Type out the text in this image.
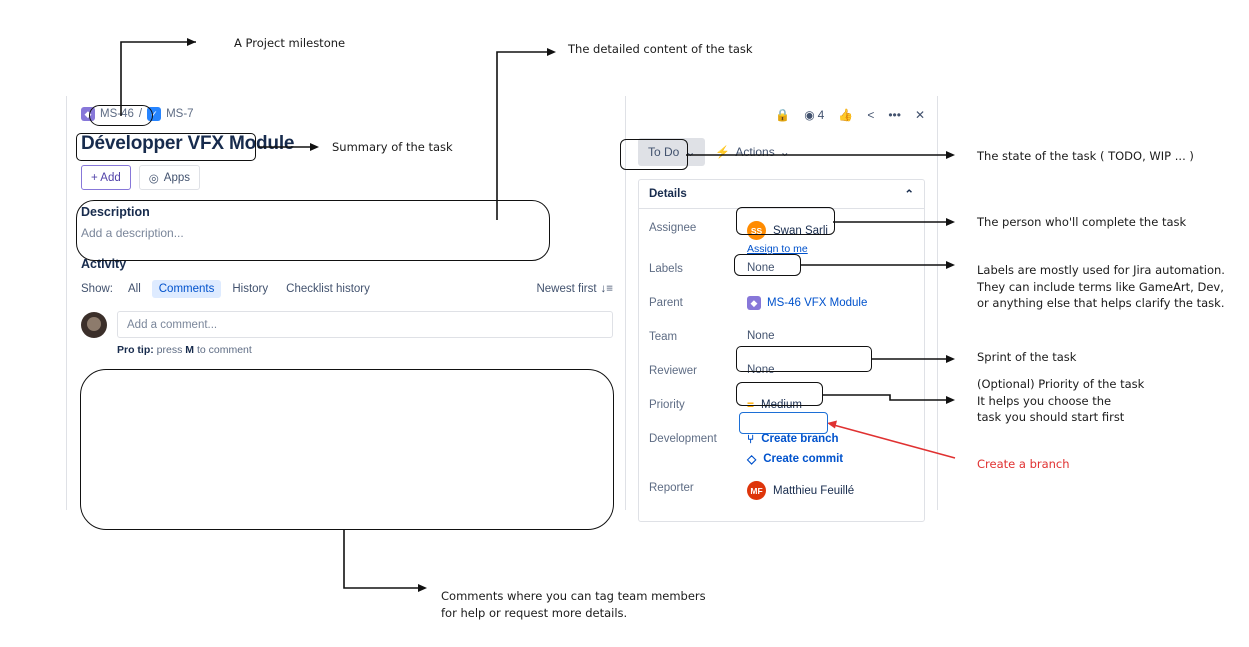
◆ MS-46 / ✓ MS-7
Développer VFX Module
+ Add	◎ Apps
Description
Add a description...
Activity
Show:	All	Comments	History	Checklist history	Newest first ↓≡
Add a comment...
Pro tip: press M to comment
🔒 ◉ 4 👍 < ••• ✕
To Do ⌄ ⚡ Actions ⌄
Details	⌃
Assignee	SS Swan Sarli
Assign to me
Labels	None
Parent	◆ MS-46 VFX Module
Team	None
Reviewer	None
Priority	= Medium
Development	⑂ Create branch
◇ Create commit
Reporter	MF Matthieu Feuillé
A Project milestone	The detailed content of the task
Summary of the task
The state of the task ( TODO, WIP ... )
The person who'll complete the task
Labels are mostly used for Jira automation.
They can include terms like GameArt, Dev,
or anything else that helps clarify the task.
Sprint of the task
(Optional) Priority of the task
It helps you choose the
task you should start first
Create a branch
Comments where you can tag team members
for help or request more details.
